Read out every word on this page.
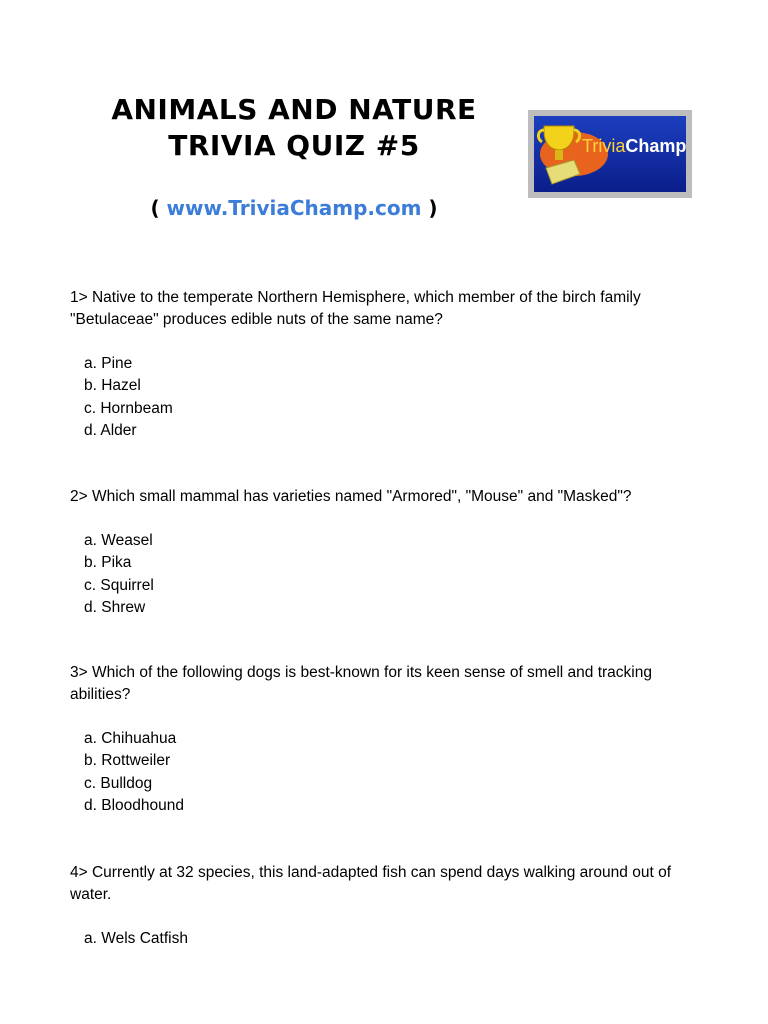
ANIMALS AND NATURE
TRIVIA QUIZ #5
( www.TriviaChamp.com )
TriviaChamp
1> Native to the temperate Northern Hemisphere, which member of the birch family "Betulaceae" produces edible nuts of the same name?
a. Pine
b. Hazel
c. Hornbeam
d. Alder
2> Which small mammal has varieties named "Armored", "Mouse" and "Masked"?
a. Weasel
b. Pika
c. Squirrel
d. Shrew
3> Which of the following dogs is best-known for its keen sense of smell and tracking abilities?
a. Chihuahua
b. Rottweiler
c. Bulldog
d. Bloodhound
4> Currently at 32 species, this land-adapted fish can spend days walking around out of water.
a. Wels Catfish
